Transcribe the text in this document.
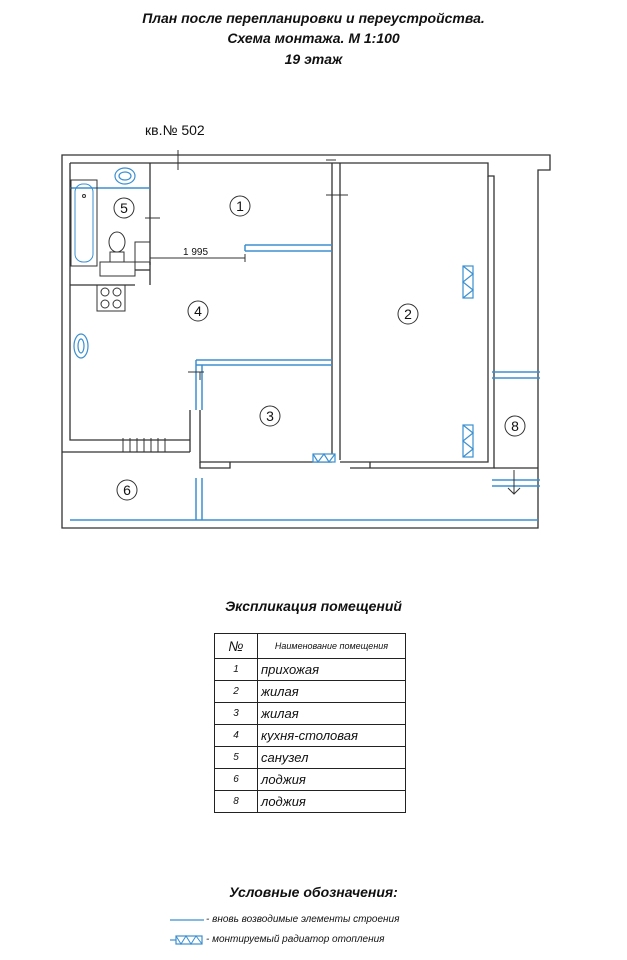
План после перепланировки и переустройства.
Схема монтажа. М 1:100
19 этаж
кв.№ 502
1 995
1
2
3
4
5
6
8
Экспликация помещений
№	Наименование помещения
1	прихожая
2	жилая
3	жилая
4	кухня-столовая
5	санузел
6	лоджия
8	лоджия
Условные обозначения:
- вновь возводимые элементы строения
- монтируемый радиатор отопления
